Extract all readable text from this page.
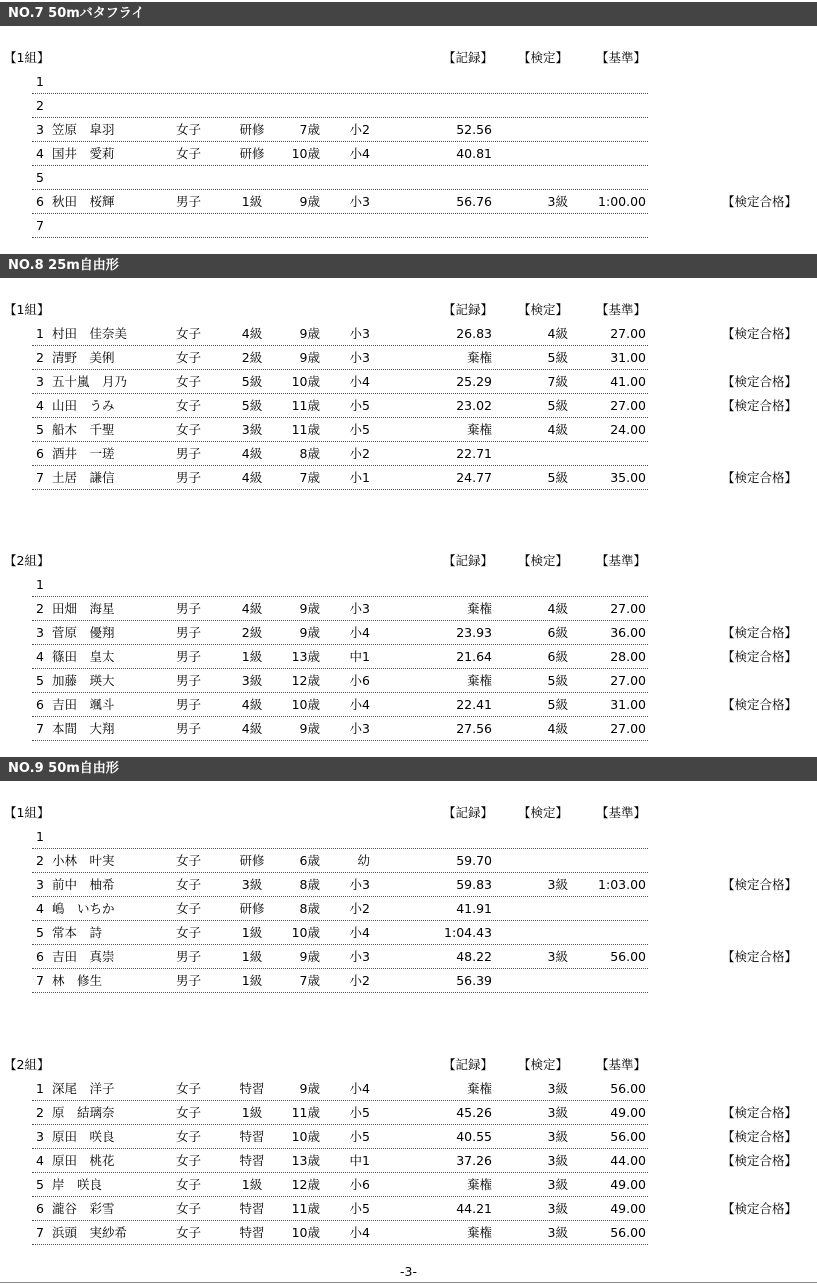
NO.7 50mバタフライ
【1組】	【記録】 【検定】 【基準】
1
2
3 笠原　皐羽	女子	研修	7歳 小2	52.56
4 国井　愛莉	女子	研修	10歳 小4	40.81
5
6 秋田　桜輝	男子	1級	9歳 小3	56.76	3級	1:00.00	【検定合格】
7
NO.8 25m自由形
【1組】	【記録】 【検定】 【基準】
1 村田　佳奈美	女子	4級	9歳 小3	26.83	4級	27.00	【検定合格】
2 清野　美俐	女子	2級	9歳 小3	棄権	5級	31.00
3 五十嵐　月乃	女子	5級	10歳 小4	25.29	7級	41.00	【検定合格】
4 山田　うみ	女子	5級	11歳 小5	23.02	5級	27.00	【検定合格】
5 船木　千聖	女子	3級	11歳 小5	棄権	4級	24.00
6 酒井　一瑳	男子	4級	8歳 小2	22.71
7 土居　謙信	男子	4級	7歳 小1	24.77	5級	35.00	【検定合格】
【2組】	【記録】 【検定】 【基準】
1
2 田畑　海星	男子	4級	9歳 小3	棄権	4級	27.00
3 菅原　優翔	男子	2級	9歳 小4	23.93	6級	36.00	【検定合格】
4 篠田　皇太	男子	1級	13歳 中1	21.64	6級	28.00	【検定合格】
5 加藤　瑛大	男子	3級	12歳 小6	棄権	5級	27.00
6 吉田　颯斗	男子	4級	10歳 小4	22.41	5級	31.00	【検定合格】
7 本間　大翔	男子	4級	9歳 小3	27.56	4級	27.00
NO.9 50m自由形
【1組】	【記録】 【検定】 【基準】
1
2 小林　叶実	女子	研修	6歳	幼	59.70
3 前中　柚希	女子	3級	8歳 小3	59.83	3級	1:03.00	【検定合格】
4 嶋　いちか	女子	研修	8歳 小2	41.91
5 常本　詩	女子	1級	10歳 小4	1:04.43
6 吉田　真崇	男子	1級	9歳 小3	48.22	3級	56.00	【検定合格】
7 林　修生	男子	1級	7歳 小2	56.39
【2組】	【記録】 【検定】 【基準】
1 深尾　洋子	女子	特習	9歳 小4	棄権	3級	56.00
2 原　結璃奈	女子	1級	11歳 小5	45.26	3級	49.00	【検定合格】
3 原田　咲良	女子	特習	10歳 小5	40.55	3級	56.00	【検定合格】
4 原田　桃花	女子	特習	13歳 中1	37.26	3級	44.00	【検定合格】
5 岸　咲良	女子	1級	12歳 小6	棄権	3級	49.00
6 瀧谷　彩雪	女子	特習	11歳 小5	44.21	3級	49.00	【検定合格】
7 浜頭　実紗希	女子	特習	10歳 小4	棄権	3級	56.00
-3-
